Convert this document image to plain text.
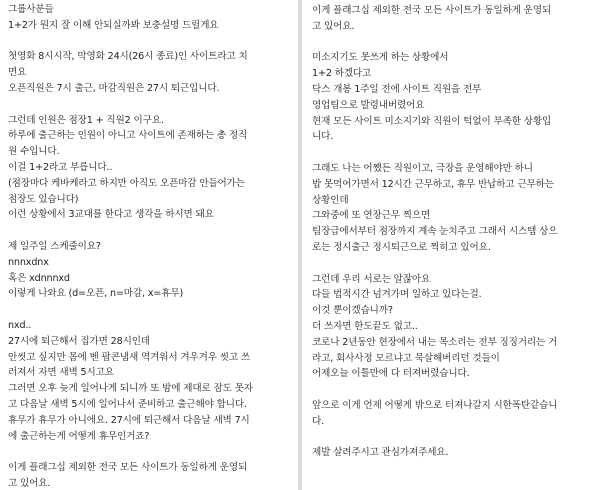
그룹사분들
1+2가 뭔지 잘 이해 안되실까봐 보충설명 드릴게요
첫영화 8시시작, 막영화 24시(26시 종료)인 사이트라고 치
면요
오픈직원은 7시 출근, 마감직원은 27시 퇴근입니다.
그런데 인원은 점장1 + 직원2 이구요.
하루에 출근하는 인원이 아니고 사이트에 존재하는 총 정직
원 수입니다.
이걸 1+2라고 부릅니다..
(점장마다 케바케라고 하지만 아직도 오픈마감 안들어가는
점장도 있습니다)
이런 상황에서 3교대를 한다고 생각을 하시면 돼요
제 일주일 스케줄이요?
nnnxdnx
혹은 xdnnnxd
이렇게 나와요 (d=오픈, n=마감, x=휴무)
nxd..
27시에 퇴근해서 집가면 28시인데
안씻고 싶지만 몸에 벤 팝콘냄새 역겨워서 겨우겨우 씻고 쓰
러져서 자면 새벽 5시고요
그러면 오후 늦게 일어나게 되니까 또 밤에 제대로 잠도 못자
고 다음날 새벽 5시에 일어나서 준비하고 출근해야 합니다.
휴무가 휴무가 아니에요. 27시에 퇴근해서 다음날 새벽 7시
에 출근하는게 어떻게 휴무인거죠?
이게 플래그십 제외한 전국 모든 사이트가 동일하게 운영되
고 있어요.
이게 플래그십 제외한 전국 모든 사이트가 동일하게 운영되
고 있어요.
미소지기도 못쓰게 하는 상황에서
1+2 하겠다고
닥스 개봉 1주일 전에 사이트 직원을 전부
영업팀으로 발령내버렸어요
현재 모든 사이트 미소지기와 직원이 턱없이 부족한 상황입
니다.
그래도 나는 어쨌든 직원이고, 극장을 운영해야만 하니
밥 못먹어가면서 12시간 근무하고, 휴무 반납하고 근무하는
상황인데
그와중에 또 연장근무 찍으면
팀장급에서부터 점장까지 계속 눈치주고 그래서 시스템 상으
로는 정시출근 정시퇴근으로 찍히고 있어요.
그런데 우리 서로는 알잖아요
다들 법적시간 넘겨가며 일하고 있다는걸.
이것 뿐이겠습니까?
더 쓰자면 한도끝도 없고..
코로나 2년동안 현장에서 내는 목소리는 전부 징징거리는 거
라고, 회사사정 모르냐고 묵살해버리던 것들이
어제오늘 이틀만에 다 터져버렸습니다.
앞으로 이게 언제 어떻게 밖으로 터져나갈지 시한폭탄같습니
다.
제발 살려주시고 관심가져주세요.
